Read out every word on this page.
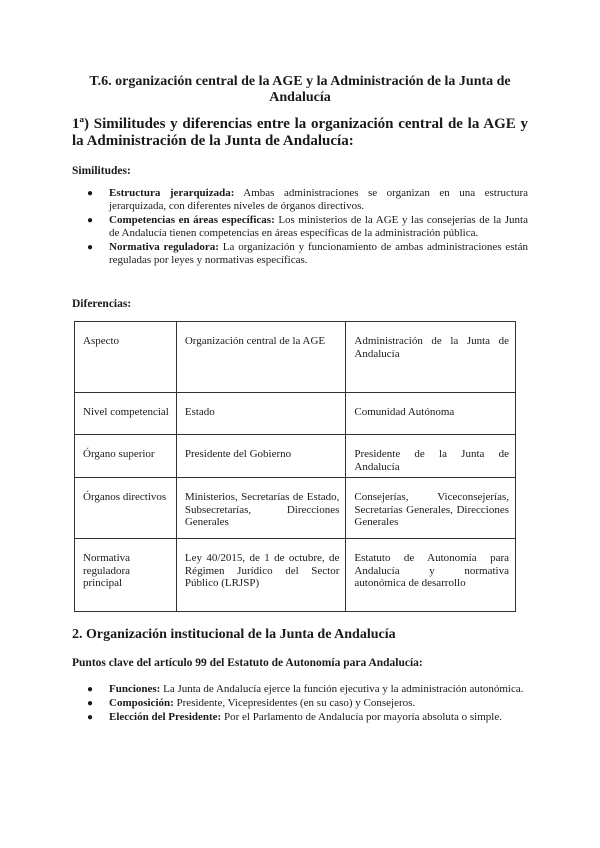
T.6. organización central de la AGE y la Administración de la Junta de Andalucía
1ª) Similitudes y diferencias entre la organización central de la AGE y la Administración de la Junta de Andalucía:
Similitudes:
● Estructura jerarquizada: Ambas administraciones se organizan en una estructura jerarquizada, con diferentes niveles de órganos directivos.
● Competencias en áreas específicas: Los ministerios de la AGE y las consejerías de la Junta de Andalucía tienen competencias en áreas específicas de la administración pública.
● Normativa reguladora: La organización y funcionamiento de ambas administraciones están reguladas por leyes y normativas específicas.
Diferencias:
Aspecto	Organización central de la AGE	Administración de la Junta de Andalucía
Nivel competencial	Estado	Comunidad Autónoma
Órgano superior	Presidente del Gobierno	Presidente de la Junta de Andalucía
Órganos directivos	Ministerios, Secretarías de Estado, Subsecretarías, Direcciones Generales	Consejerías, Viceconsejerías, Secretarías Generales, Direcciones Generales
Normativa reguladora principal	Ley 40/2015, de 1 de octubre, de Régimen Jurídico del Sector Público (LRJSP)	Estatuto de Autonomía para Andalucía y normativa autonómica de desarrollo
2. Organización institucional de la Junta de Andalucía
Puntos clave del artículo 99 del Estatuto de Autonomía para Andalucía:
● Funciones: La Junta de Andalucía ejerce la función ejecutiva y la administración autonómica.
● Composición: Presidente, Vicepresidentes (en su caso) y Consejeros.
● Elección del Presidente: Por el Parlamento de Andalucía por mayoría absoluta o simple.
